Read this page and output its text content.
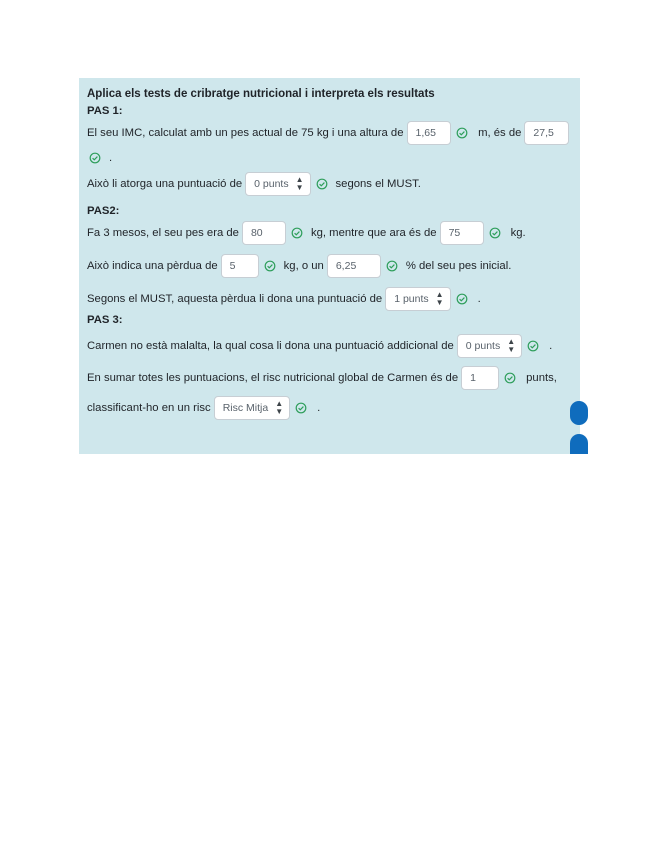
Aplica els tests de cribratge nutricional i interpreta els resultats
PAS 1:
El seu IMC, calculat amb un pes actual de 75 kg i una altura de	1,65	m, és de	27,5
.
Això li atorga una puntuació de 0 punts ▲
▼	segons el MUST.
PAS2:
Fa 3 mesos, el seu pes era de	80	kg, mentre que ara és de	75	kg.
Això indica una pèrdua de	5	kg, o un	6,25	% del seu pes inicial.
Segons el MUST, aquesta pèrdua li dona una puntuació de 1 punts ▲
▼	.
PAS 3:
Carmen no està malalta, la qual cosa li dona una puntuació addicional de 0 punts ▲
▼	.
En sumar totes les puntuacions, el risc nutricional global de Carmen és de	1	punts,
classificant-ho en un risc Risc Mitja ▲
▼	.
